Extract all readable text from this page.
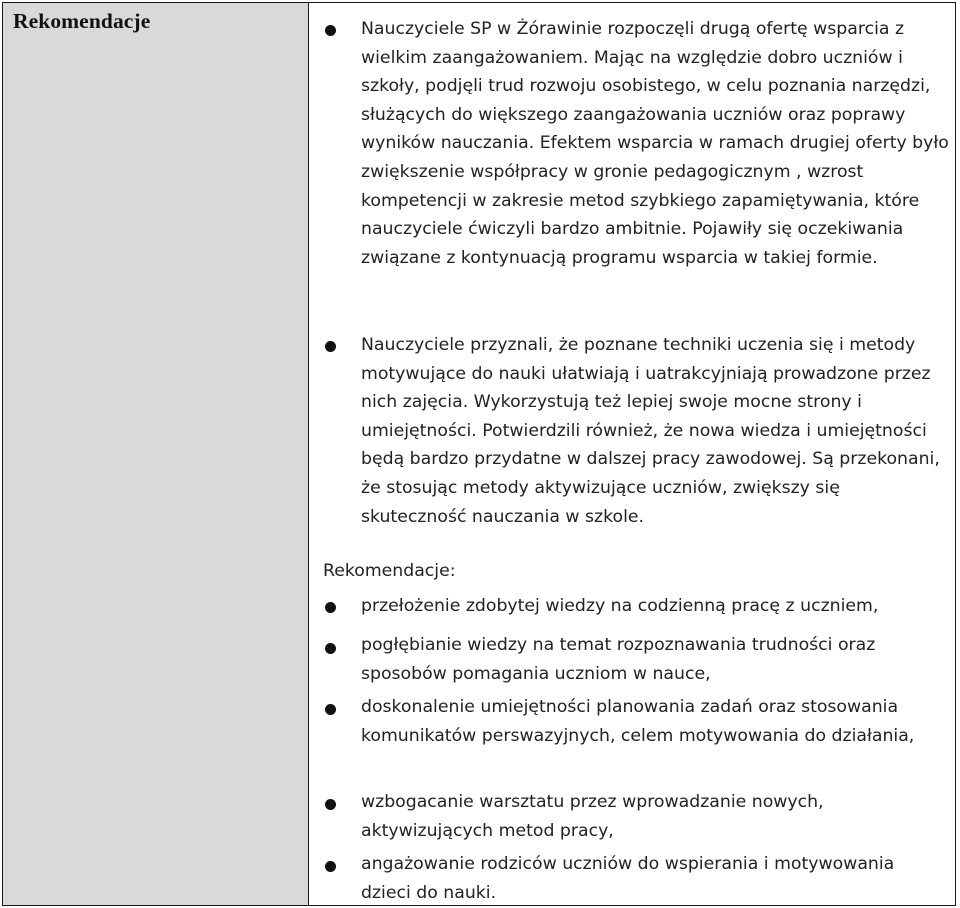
Rekomendacje	Nauczyciele SP w Żórawinie rozpoczęli drugą ofertę wsparcia z wielkim zaangażowaniem. Mając na względzie dobro uczniów i szkoły, podjęli trud rozwoju osobistego, w celu poznania narzędzi, służących do większego zaangażowania uczniów oraz poprawy wyników nauczania. Efektem wsparcia w ramach drugiej oferty było zwiększenie współpracy w gronie pedagogicznym , wzrost kompetencji w zakresie metod szybkiego zapamiętywania, które nauczyciele ćwiczyli bardzo ambitnie. Pojawiły się oczekiwania związane z kontynuacją programu wsparcia w takiej formie.

Nauczyciele przyznali, że poznane techniki uczenia się i metody motywujące do nauki ułatwiają i uatrakcyjniają prowadzone przez nich zajęcia. Wykorzystują też lepiej swoje mocne strony i umiejętności. Potwierdzili również, że nowa wiedza i umiejętności będą bardzo przydatne w dalszej pracy zawodowej. Są przekonani, że stosując metody aktywizujące uczniów, zwiększy się skuteczność nauczania w szkole.

Rekomendacje:

przełożenie zdobytej wiedzy na codzienną pracę z uczniem,

pogłębianie wiedzy na temat rozpoznawania trudności oraz sposobów pomagania uczniom w nauce,

doskonalenie umiejętności planowania zadań oraz stosowania komunikatów perswazyjnych, celem motywowania do działania,

wzbogacanie warsztatu przez wprowadzanie nowych, aktywizujących metod pracy,

angażowanie rodziców uczniów do wspierania i motywowania dzieci do nauki.
